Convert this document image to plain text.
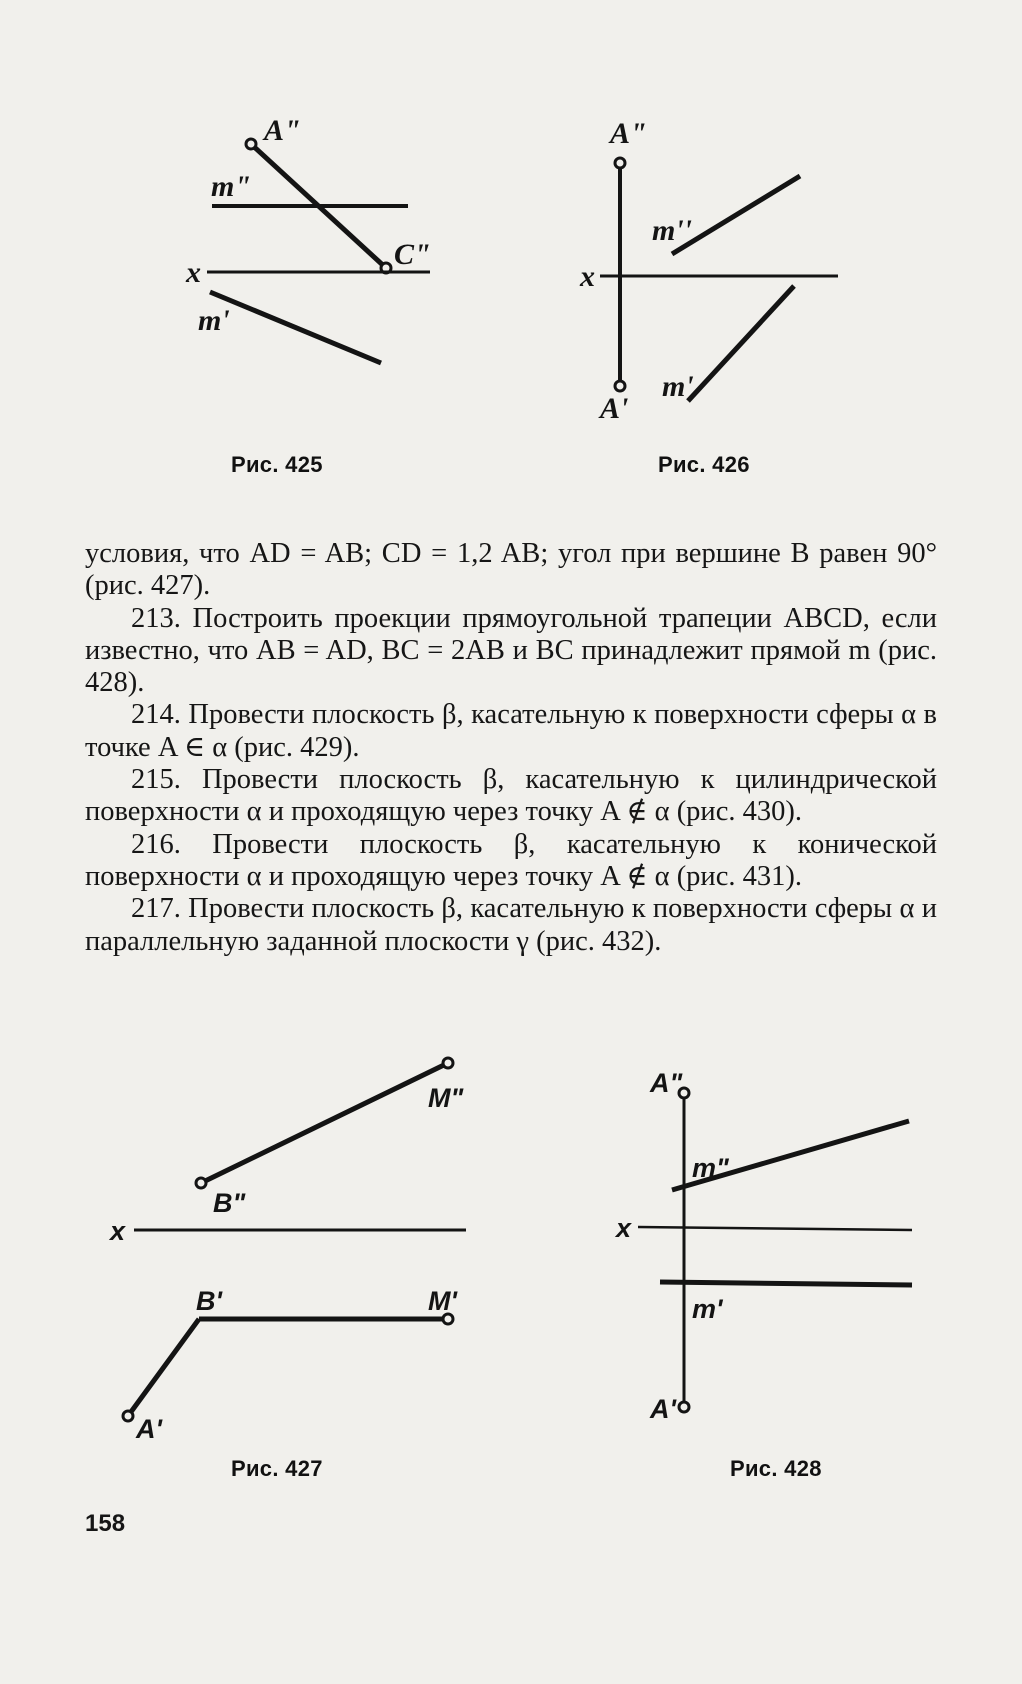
A"
m"
C"
x
m'
Рис. 425
A"
m''
x
m'
A'
Рис. 426

условия, что AD = AB; CD = 1,2 AB; угол при вершине B равен 90° (рис. 427).

213. Построить проекции прямоугольной трапеции ABCD, если известно, что AB = AD, BC = 2AB и BC принадлежит прямой m (рис. 428).

214. Провести плоскость β, касательную к поверхности сферы α в точке A ∈ α (рис. 429).

215. Провести плоскость β, касательную к цилиндрической поверхности α и проходящую через точку A ∉ α (рис. 430).

216. Провести плоскость β, касательную к конической поверхности α и проходящую через точку A ∉ α (рис. 431).

217. Провести плоскость β, касательную к поверхности сферы α и параллельную заданной плоскости γ (рис. 432).

M"
B"
x
B'	M'
A'
Рис. 427
A"
m"
x
m'
A'
Рис. 428
158
